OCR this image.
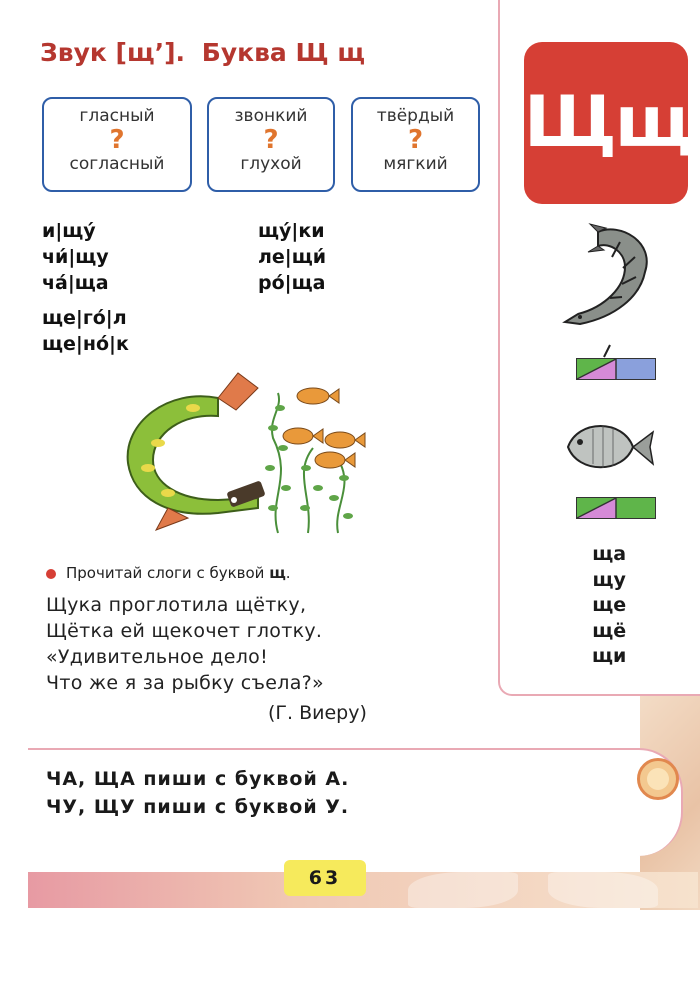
Звук [щ’]. Буква Щ щ
гласный
?
согласный
звонкий
?
глухой
твёрдый
?
мягкий
и|щý
чи́|щу
чá|ща
ще|гó|л
ще|нó|к
щý|ки
ле|щи́
рó|ща
Прочитай слоги с буквой щ.
Щука проглотила щётку,
Щётка ей щекочет глотку.
«Удивительное дело!
Что же я за рыбку съела?»
(Г. Виеру)
Щщ
ща
щу
ще
щё
щи
ЧА, ЩА пиши с буквой А.
ЧУ, ЩУ пиши с буквой У.
63
